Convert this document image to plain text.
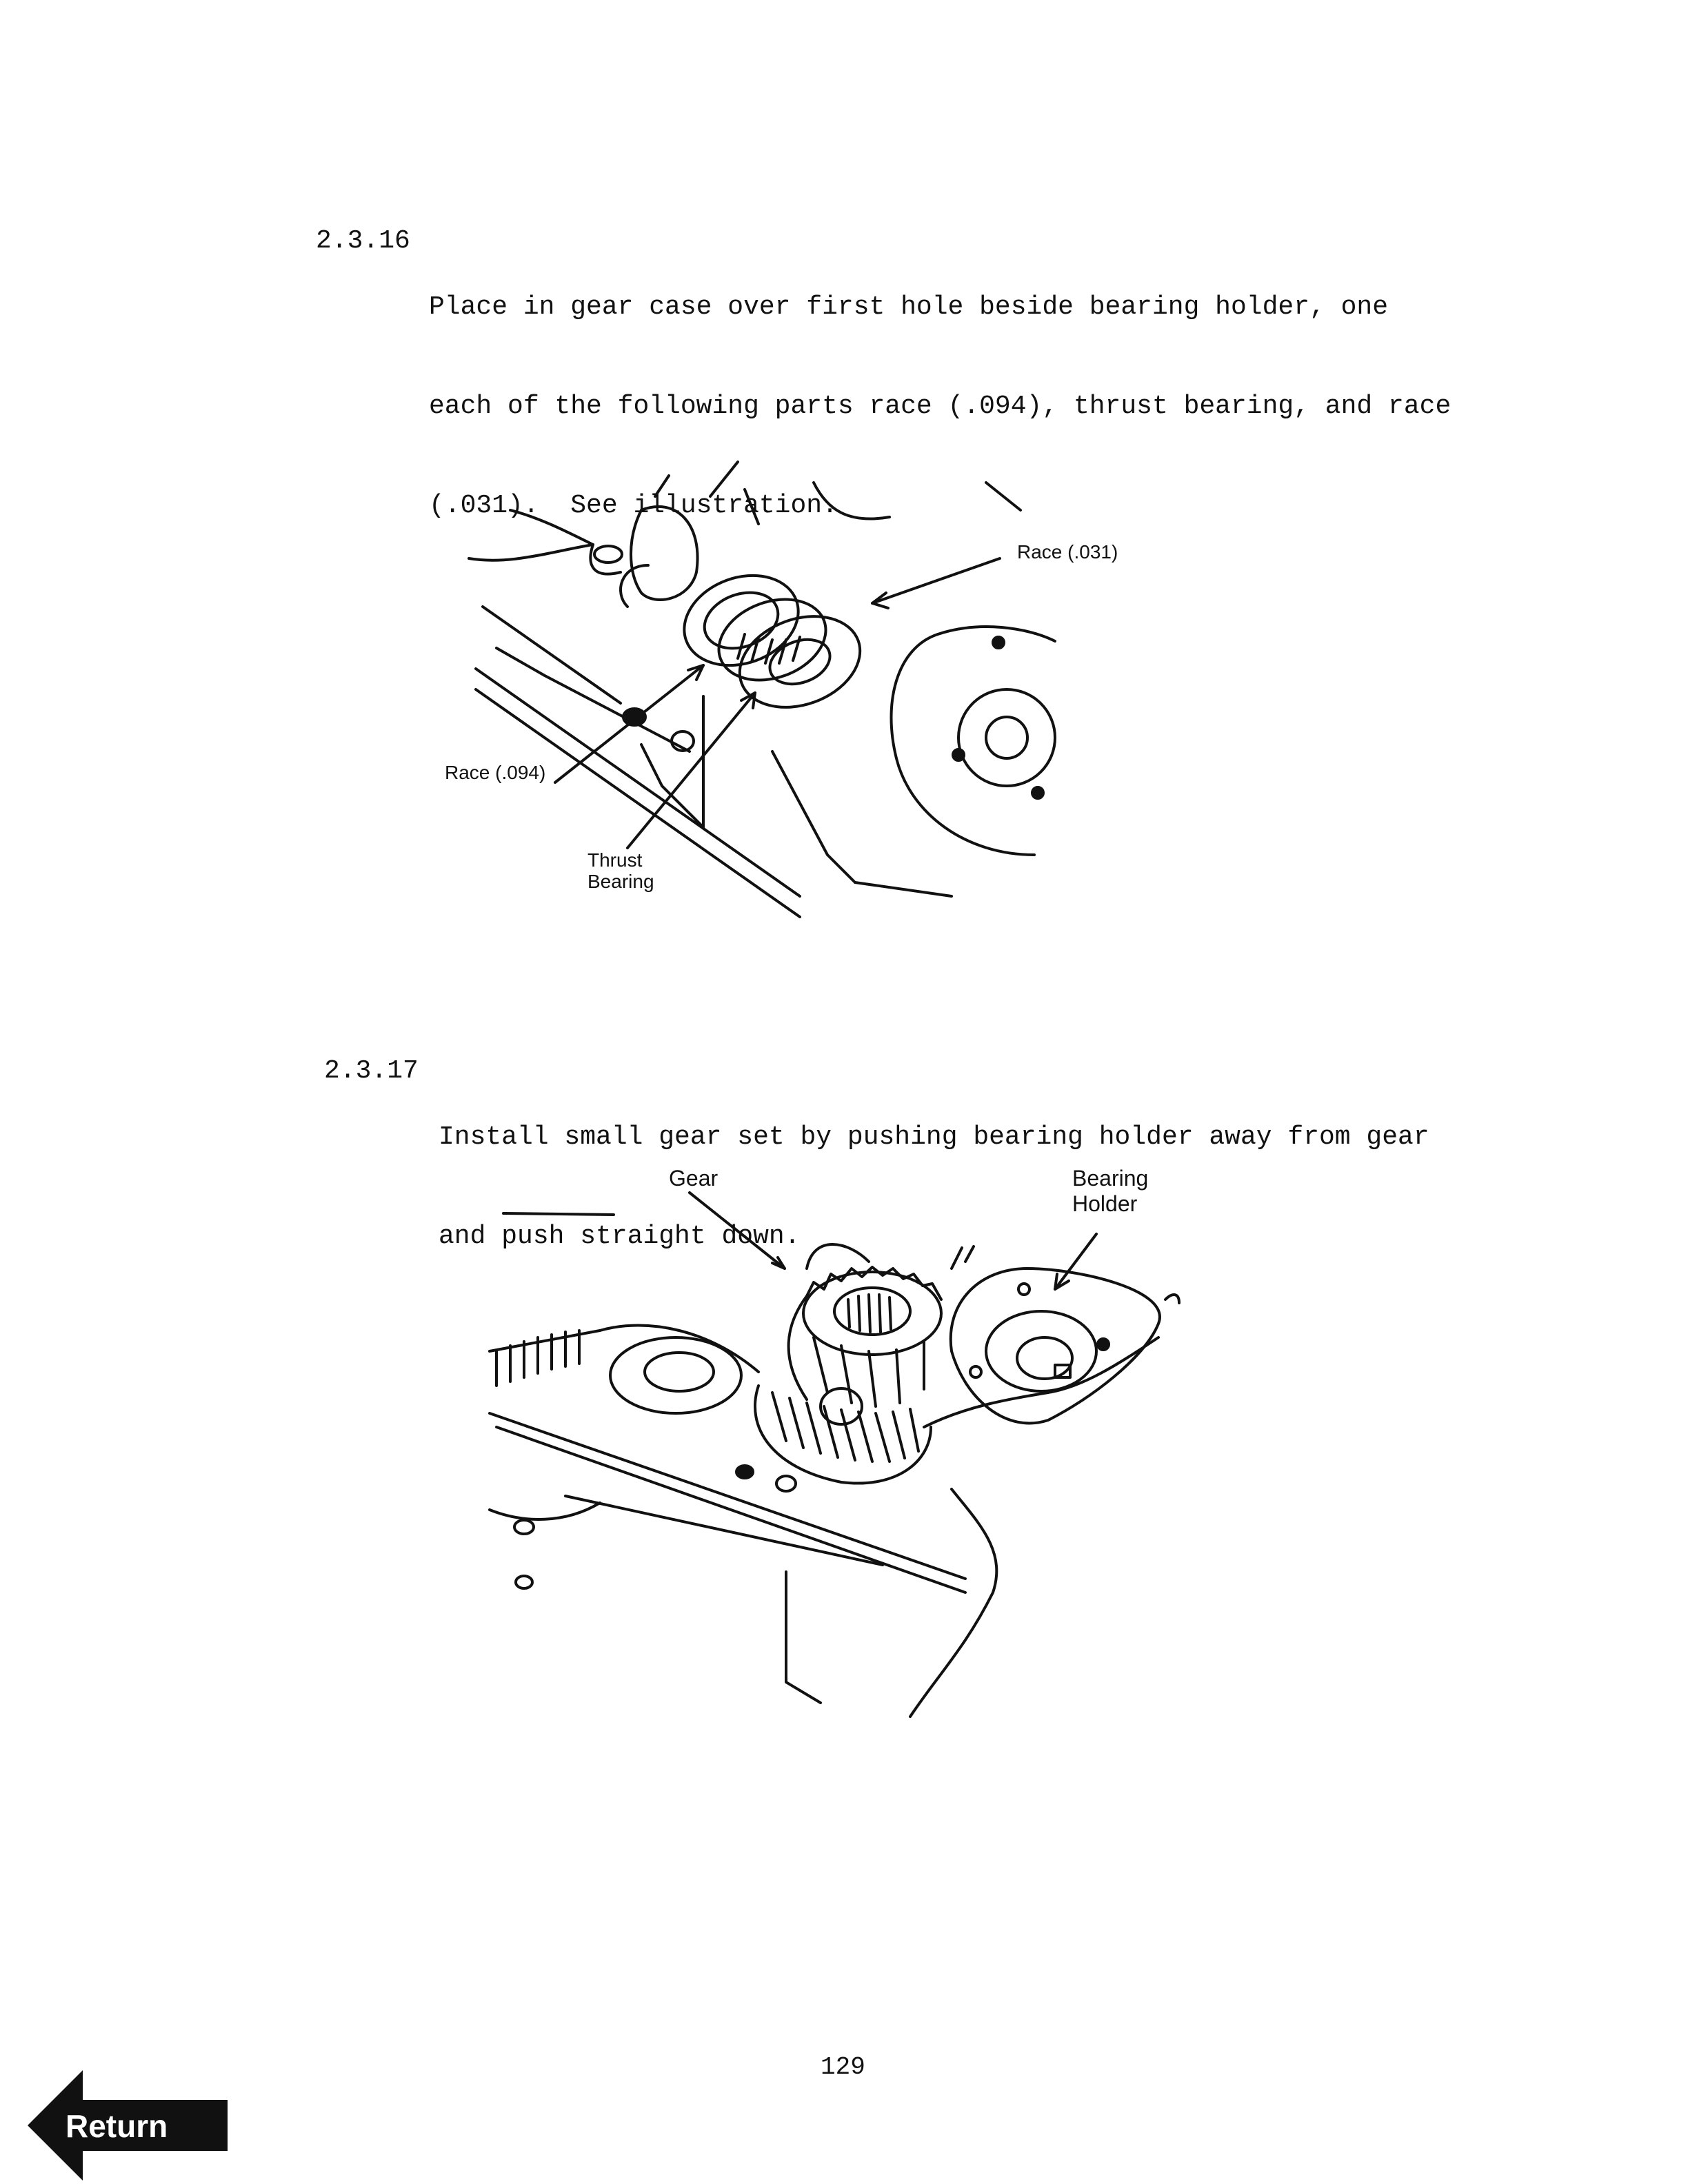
2.3.16

Place in gear case over first hole beside bearing holder, one

each of the following parts race (.094), thrust bearing, and race

(.031).  See illustration.

Race (.031)
Race (.094)
Thrust
Bearing

2.3.17

Install small gear set by pushing bearing holder away from gear

and push straight down.

Gear	Bearing
Holder
129
Return
